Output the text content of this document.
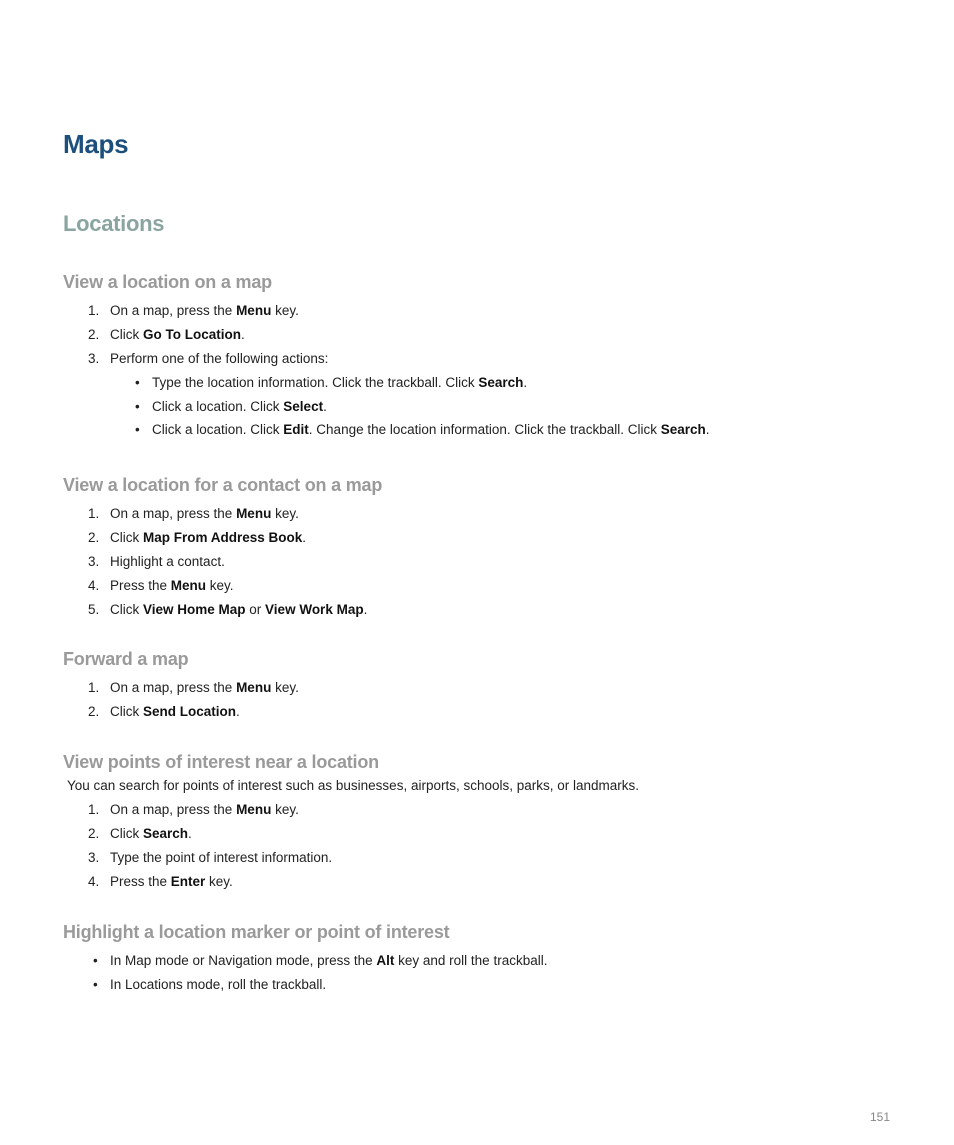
Maps
Locations
View a location on a map
1. On a map, press the Menu key.
2. Click Go To Location.
3. Perform one of the following actions:
• Type the location information. Click the trackball. Click Search.
• Click a location. Click Select.
• Click a location. Click Edit. Change the location information. Click the trackball. Click Search.
View a location for a contact on a map
1. On a map, press the Menu key.
2. Click Map From Address Book.
3. Highlight a contact.
4. Press the Menu key.
5. Click View Home Map or View Work Map.
Forward a map
1. On a map, press the Menu key.
2. Click Send Location.
View points of interest near a location

You can search for points of interest such as businesses, airports, schools, parks, or landmarks.

1. On a map, press the Menu key.
2. Click Search.
3. Type the point of interest information.
4. Press the Enter key.
Highlight a location marker or point of interest
• In Map mode or Navigation mode, press the Alt key and roll the trackball.
• In Locations mode, roll the trackball.
151
